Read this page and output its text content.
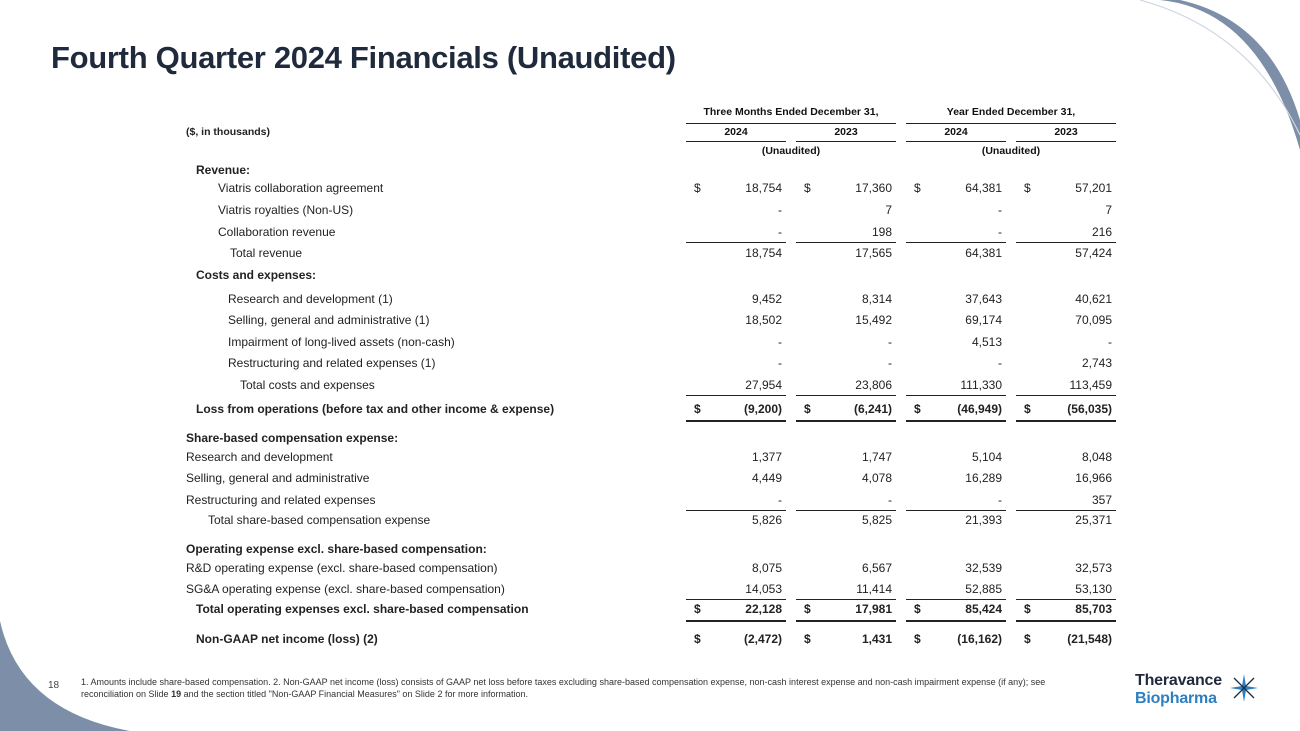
Fourth Quarter 2024 Financials (Unaudited)
Three Months Ended December 31,	Year Ended December 31,
($, in thousands)	2024	2023	2024	2023
(Unaudited)	(Unaudited)
Revenue:
Viatris collaboration agreement	$	18,754 $	17,360 $	64,381 $	57,201
Viatris royalties (Non-US)	-	7	-	7
Collaboration revenue	-	198	-	216
Total revenue	18,754	17,565	64,381	57,424
Costs and expenses:
Research and development (1)	9,452	8,314	37,643	40,621
Selling, general and administrative (1)	18,502	15,492	69,174	70,095
Impairment of long-lived assets (non-cash)	-	-	4,513	-
Restructuring and related expenses (1)	-	-	-	2,743
Total costs and expenses	27,954	23,806	111,330	113,459
Loss from operations (before tax and other income & expense)	$	(9,200) $	(6,241) $	(46,949) $	(56,035)
Share-based compensation expense:
Research and development	1,377	1,747	5,104	8,048
Selling, general and administrative	4,449	4,078	16,289	16,966
Restructuring and related expenses	-	-	-	357
Total share-based compensation expense	5,826	5,825	21,393	25,371
Operating expense excl. share-based compensation:
R&D operating expense (excl. share-based compensation)	8,075	6,567	32,539	32,573
SG&A operating expense (excl. share-based compensation)	14,053	11,414	52,885	53,130
Total operating expenses excl. share-based compensation	$	22,128 $	17,981 $	85,424 $	85,703
Non-GAAP net income (loss) (2)	$	(2,472) $	1,431 $	(16,162) $	(21,548)
18 1. Amounts include share-based compensation. 2. Non-GAAP net income (loss) consists of GAAP net loss before taxes excluding share-based compensation expense, non-cash interest expense and non-cash impairment expense (if any); see reconciliation on Slide 19 and the section titled "Non-GAAP Financial Measures" on Slide 2 for more information.
Theravance
Biopharma
